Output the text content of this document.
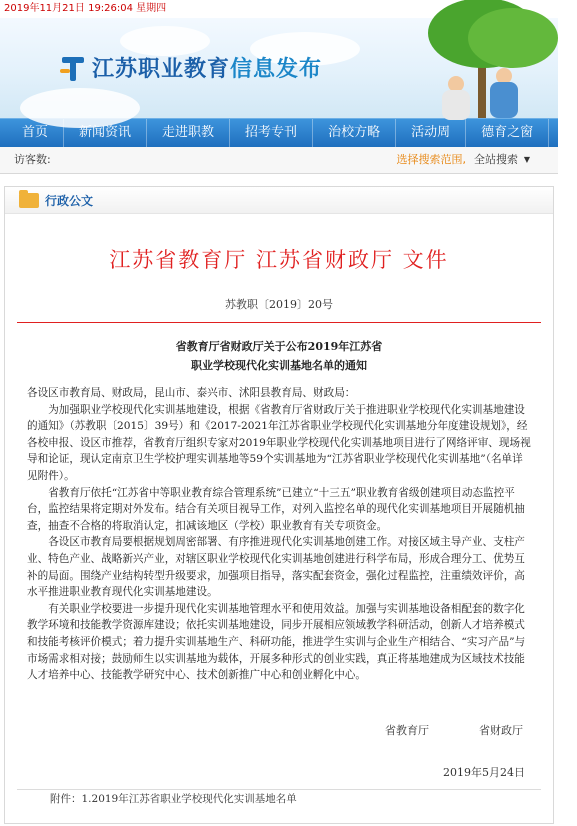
2019年11月21日 19:26:04 星期四
江苏职业教育信息发布
首页	新闻资讯	走进职教	招考专刊	治校方略	活动周	德育之窗	技
访客数:	选择搜索范围, 全站搜索 ▼
行政公文
江苏省教育厅 江苏省财政厅 文件
苏教职〔2019〕20号
省教育厅省财政厅关于公布2019年江苏省
职业学校现代化实训基地名单的通知

各设区市教育局、财政局，昆山市、泰兴市、沭阳县教育局、财政局：

为加强职业学校现代化实训基地建设，根据《省教育厅省财政厅关于推进职业学校现代化实训基地建设的通知》（苏教职〔2015〕39号）和《2017-2021年江苏省职业学校现代化实训基地分年度建设规划》，经各校申报、设区市推荐，省教育厅组织专家对2019年职业学校现代化实训基地项目进行了网络评审、现场视导和论证，现认定南京卫生学校护理实训基地等59个实训基地为“江苏省职业学校现代化实训基地”（名单详见附件）。

省教育厅依托“江苏省中等职业教育综合管理系统”已建立“十三五”职业教育省级创建项目动态监控平台，监控结果将定期对外发布。结合有关项目视导工作，对列入监控名单的现代化实训基地项目开展随机抽查，抽查不合格的将取消认定，扣减该地区（学校）职业教育有关专项资金。

各设区市教育局要根据规划周密部署、有序推进现代化实训基地创建工作。对接区域主导产业、支柱产业、特色产业、战略新兴产业，对辖区职业学校现代化实训基地创建进行科学布局，形成合理分工、优势互补的局面。围绕产业结构转型升级要求，加强项目指导，落实配套资金，强化过程监控，注重绩效评价，高水平推进职业教育现代化实训基地建设。

有关职业学校要进一步提升现代化实训基地管理水平和使用效益。加强与实训基地设备相配套的数字化教学环境和技能教学资源库建设；依托实训基地建设，同步开展相应领域教学科研活动，创新人才培养模式和技能考核评价模式；着力提升实训基地生产、科研功能，推进学生实训与企业生产相结合、“实习产品”与市场需求相对接；鼓励师生以实训基地为载体，开展多种形式的创业实践，真正将基地建成为区域技术技能人才培养中心、技能教学研究中心、技术创新推广中心和创业孵化中心。

省教育厅	省财政厅
2019年5月24日
附件：1.2019年江苏省职业学校现代化实训基地名单
